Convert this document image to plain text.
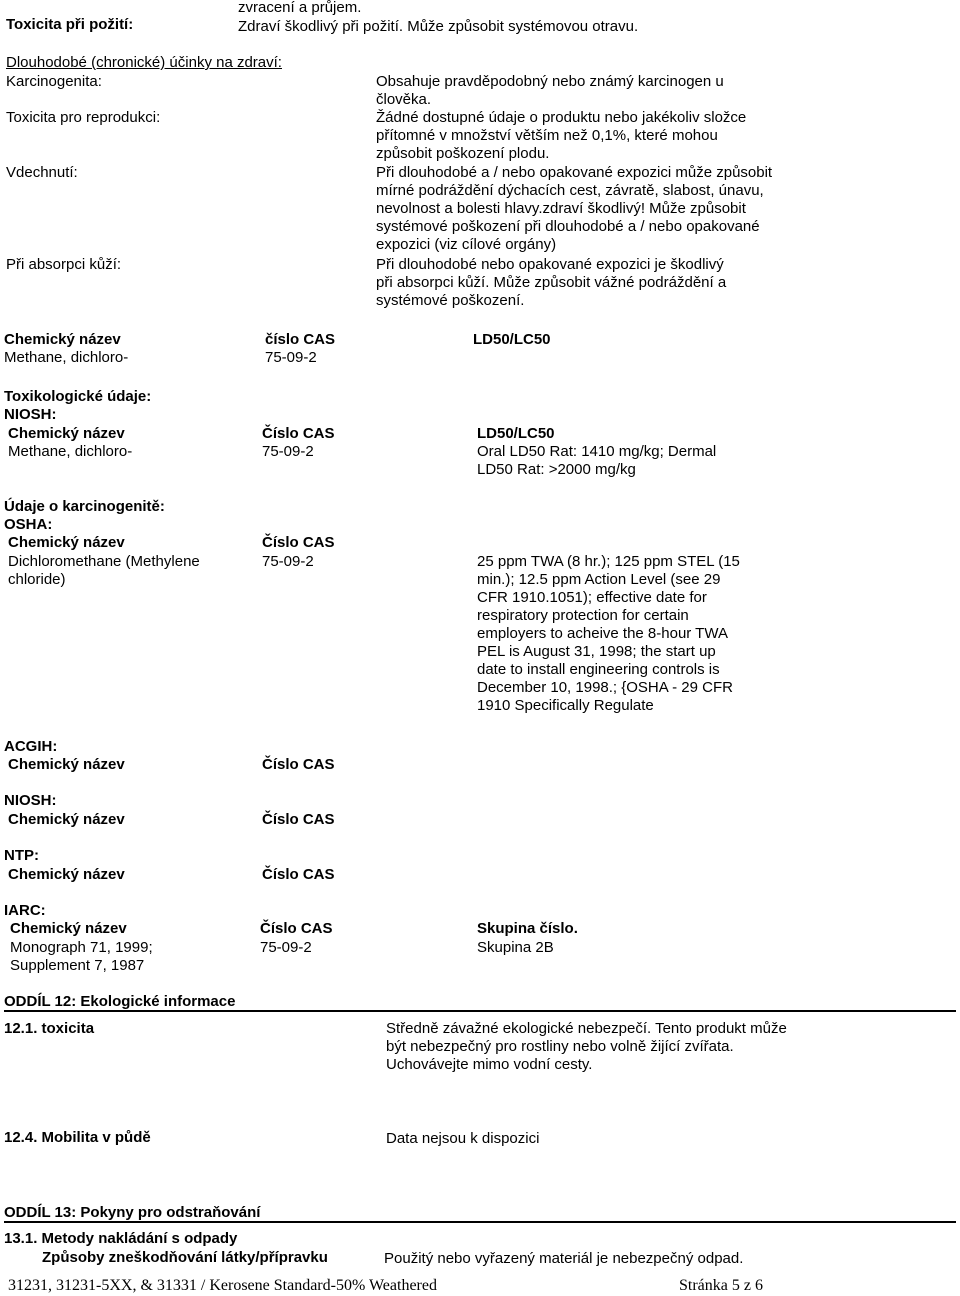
Toxicita při požití:
zvracení a průjem.
Zdraví škodlivý při požití. Může způsobit systémovou otravu.
Dlouhodobé (chronické) účinky na zdraví:
Karcinogenita:	Obsahuje pravděpodobný nebo známý karcinogen u
člověka.
Toxicita pro reprodukci:	Žádné dostupné údaje o produktu nebo jakékoliv složce
přítomné v množství větším než 0,1%, které mohou
způsobit poškození plodu.
Vdechnutí:	Při dlouhodobé a / nebo opakované expozici může způsobit
mírné podráždění dýchacích cest, závratě, slabost, únavu,
nevolnost a bolesti hlavy.zdraví škodlivý! Může způsobit
systémové poškození při dlouhodobé a / nebo opakované
expozici (viz cílové orgány)
Při absorpci kůží:	Při dlouhodobé nebo opakované expozici je škodlivý
při absorpci kůží. Může způsobit vážné podráždění a
systémové poškození.
Chemický název	číslo CAS	LD50/LC50
Methane, dichloro-	75-09-2
Toxikologické údaje:
NIOSH:
Chemický název	Číslo CAS	LD50/LC50
Methane, dichloro-	75-09-2	Oral LD50 Rat: 1410 mg/kg; Dermal
LD50 Rat: >2000 mg/kg
Údaje o karcinogenitě:
OSHA:
Chemický název	Číslo CAS
Dichloromethane (Methylene
chloride)
75-09-2	25 ppm TWA (8 hr.); 125 ppm STEL (15
min.); 12.5 ppm Action Level (see 29
CFR 1910.1051); effective date for
respiratory protection for certain
employers to acheive the 8-hour TWA
PEL is August 31, 1998; the start up
date to install engineering controls is
December 10, 1998.; {OSHA - 29 CFR
1910 Specifically Regulate
ACGIH:
Chemický název	Číslo CAS
NIOSH:
Chemický název	Číslo CAS
NTP:
Chemický název	Číslo CAS
IARC:
Chemický název	Číslo CAS	Skupina číslo.
Monograph 71, 1999;
Supplement 7, 1987
75-09-2	Skupina 2B
ODDÍL 12: Ekologické informace
12.1. toxicita	Středně závažné ekologické nebezpečí. Tento produkt může
být nebezpečný pro rostliny nebo volně žijící zvířata.
Uchovávejte mimo vodní cesty.
12.4. Mobilita v půdě	Data nejsou k dispozici
ODDÍL 13: Pokyny pro odstraňování
13.1. Metody nakládání s odpady
Způsoby zneškodňování látky/přípravku	Použitý nebo vyřazený materiál je nebezpečný odpad.
31231, 31231-5XX, & 31331 / Kerosene Standard-50% Weathered	Stránka 5 z 6
